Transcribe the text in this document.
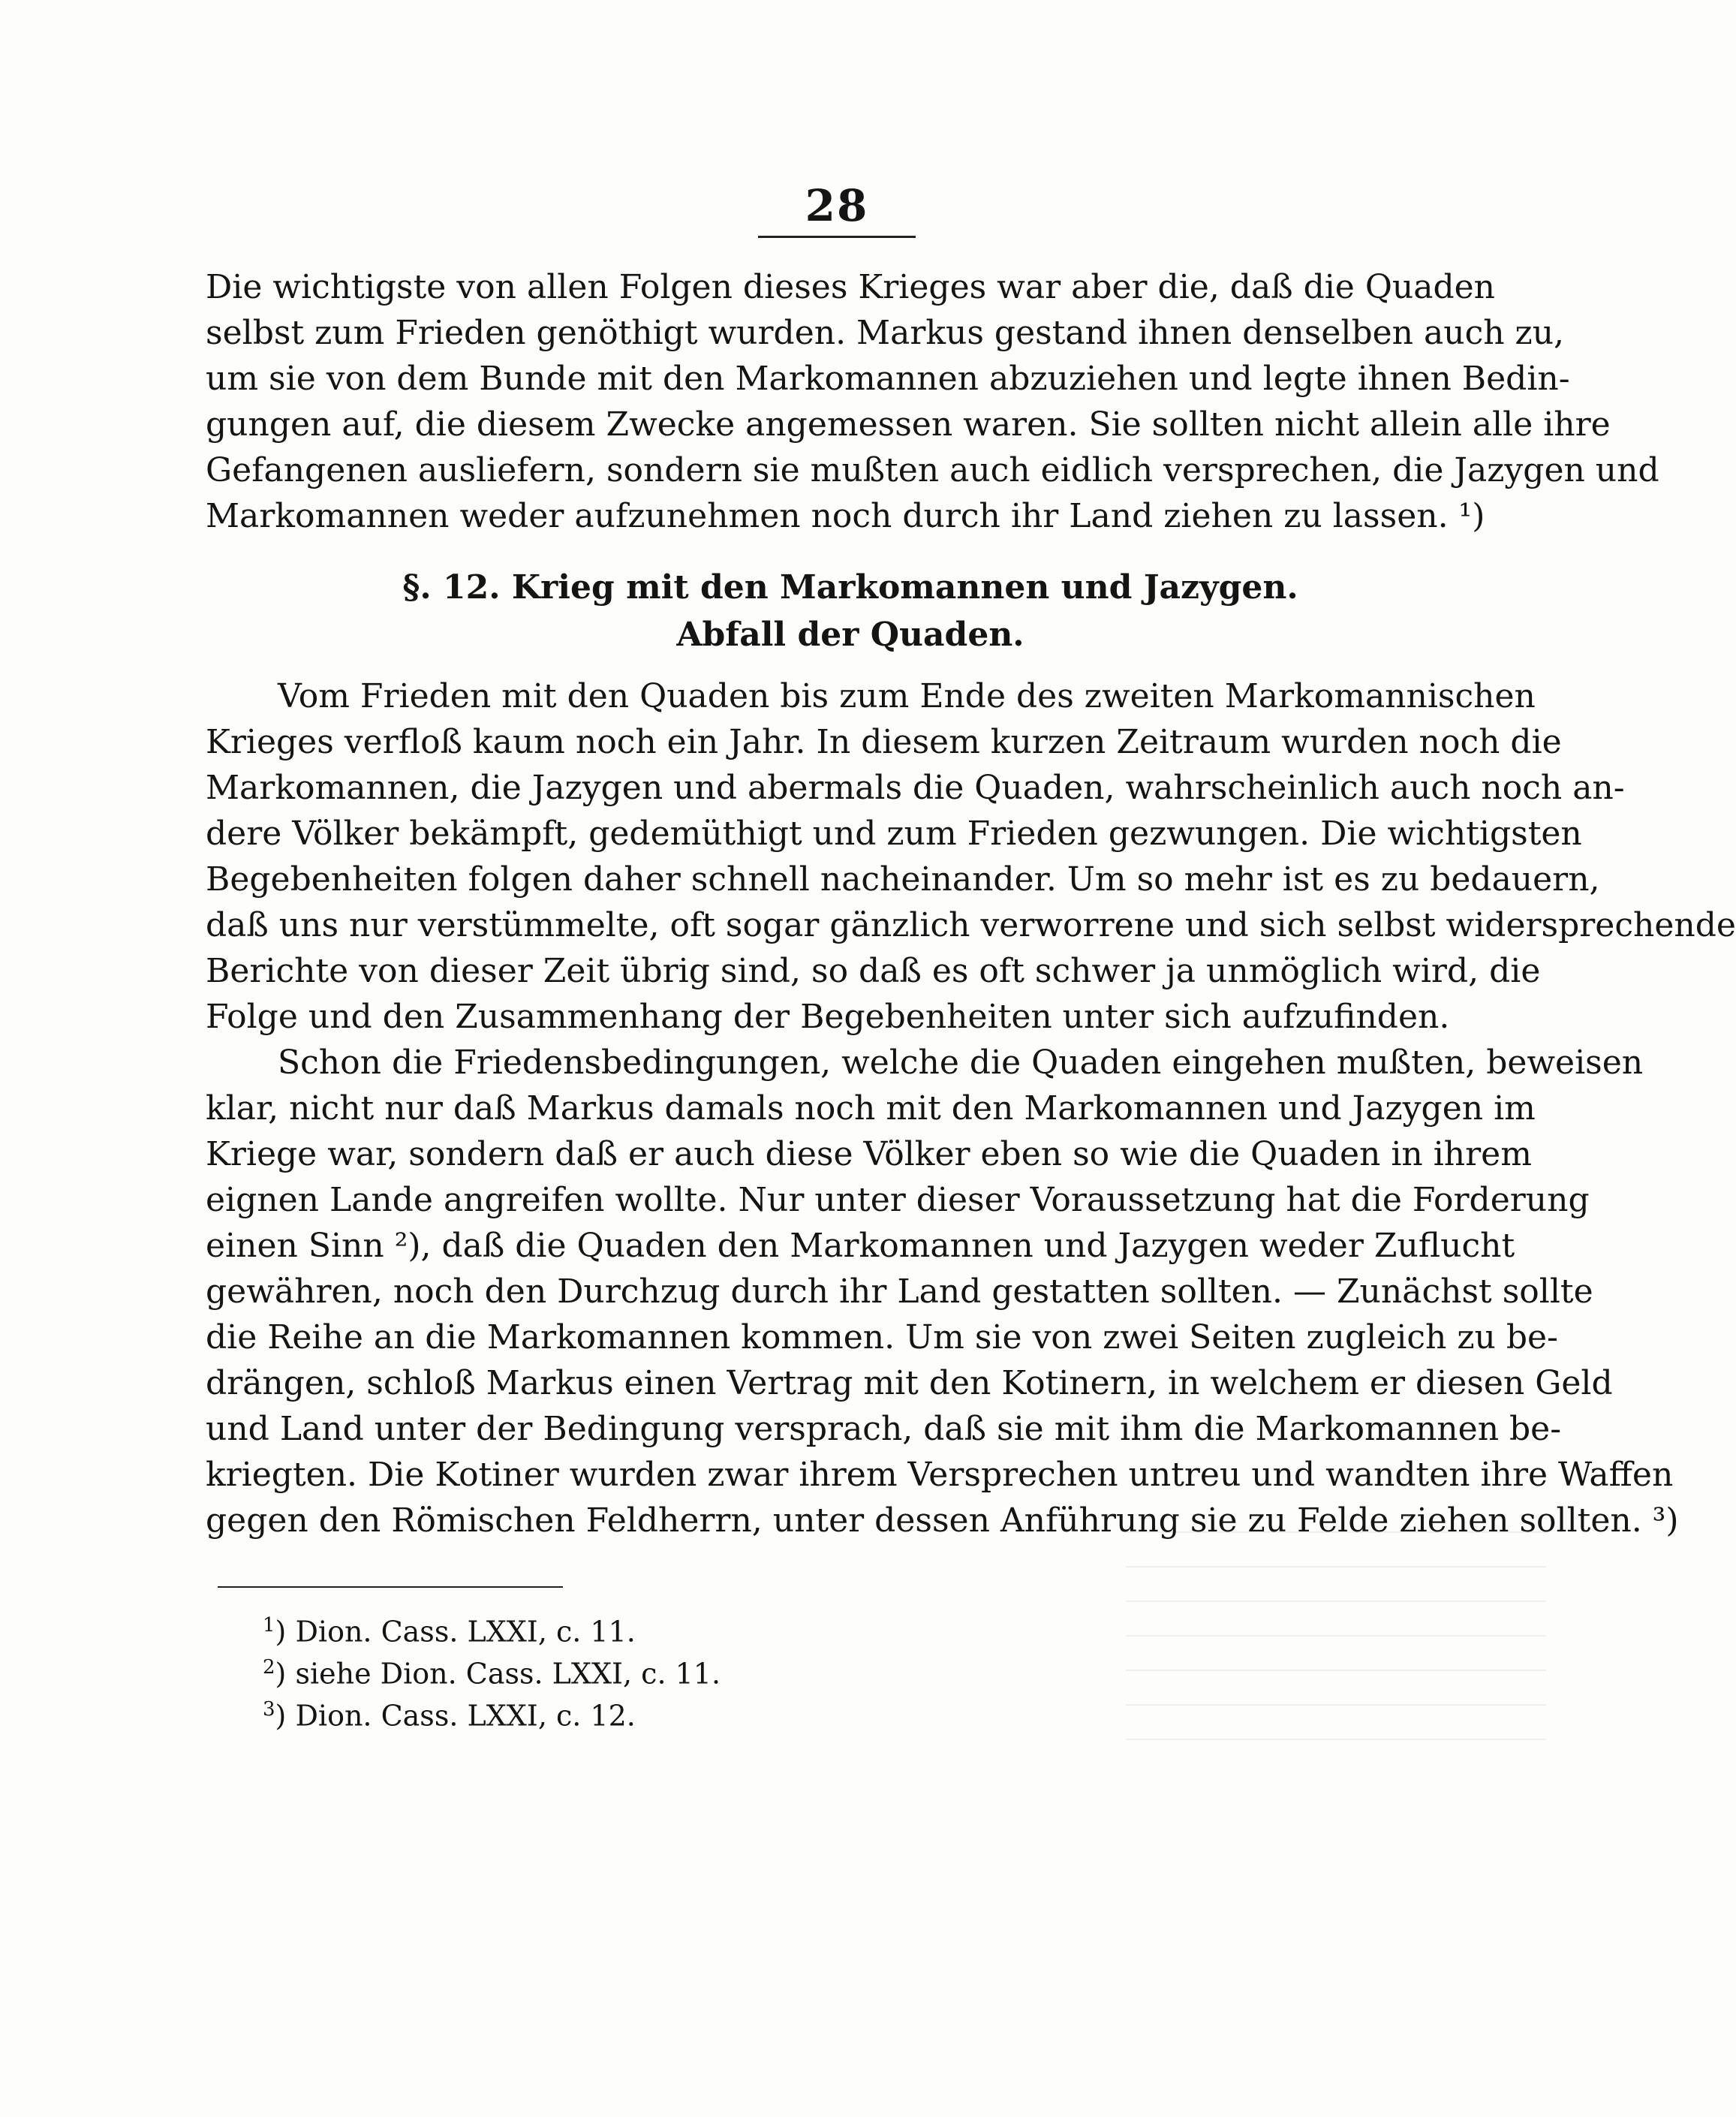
28
Die wichtigste von allen Folgen dieses Krieges war aber die, daß die Quaden
selbst zum Frieden genöthigt wurden. Markus gestand ihnen denselben auch zu,
um sie von dem Bunde mit den Markomannen abzuziehen und legte ihnen Bedin-
gungen auf, die diesem Zwecke angemessen waren. Sie sollten nicht allein alle ihre
Gefangenen ausliefern, sondern sie mußten auch eidlich versprechen, die Jazygen und
Markomannen weder aufzunehmen noch durch ihr Land ziehen zu lassen. ¹)
§. 12. Krieg mit den Markomannen und Jazygen.
Abfall der Quaden.
Vom Frieden mit den Quaden bis zum Ende des zweiten Markomannischen
Krieges verfloß kaum noch ein Jahr. In diesem kurzen Zeitraum wurden noch die
Markomannen, die Jazygen und abermals die Quaden, wahrscheinlich auch noch an-
dere Völker bekämpft, gedemüthigt und zum Frieden gezwungen. Die wichtigsten
Begebenheiten folgen daher schnell nacheinander. Um so mehr ist es zu bedauern,
daß uns nur verstümmelte, oft sogar gänzlich verworrene und sich selbst widersprechende
Berichte von dieser Zeit übrig sind, so daß es oft schwer ja unmöglich wird, die
Folge und den Zusammenhang der Begebenheiten unter sich aufzufinden.
Schon die Friedensbedingungen, welche die Quaden eingehen mußten, beweisen
klar, nicht nur daß Markus damals noch mit den Markomannen und Jazygen im
Kriege war, sondern daß er auch diese Völker eben so wie die Quaden in ihrem
eignen Lande angreifen wollte. Nur unter dieser Voraussetzung hat die Forderung
einen Sinn ²), daß die Quaden den Markomannen und Jazygen weder Zuflucht
gewähren, noch den Durchzug durch ihr Land gestatten sollten. — Zunächst sollte
die Reihe an die Markomannen kommen. Um sie von zwei Seiten zugleich zu be-
drängen, schloß Markus einen Vertrag mit den Kotinern, in welchem er diesen Geld
und Land unter der Bedingung versprach, daß sie mit ihm die Markomannen be-
kriegten. Die Kotiner wurden zwar ihrem Versprechen untreu und wandten ihre Waffen
gegen den Römischen Feldherrn, unter dessen Anführung sie zu Felde ziehen sollten. ³)
$^1$) Dion. Cass. LXXI, c. 11.
$^2$) siehe Dion. Cass. LXXI, c. 11.
$^3$) Dion. Cass. LXXI, c. 12.
